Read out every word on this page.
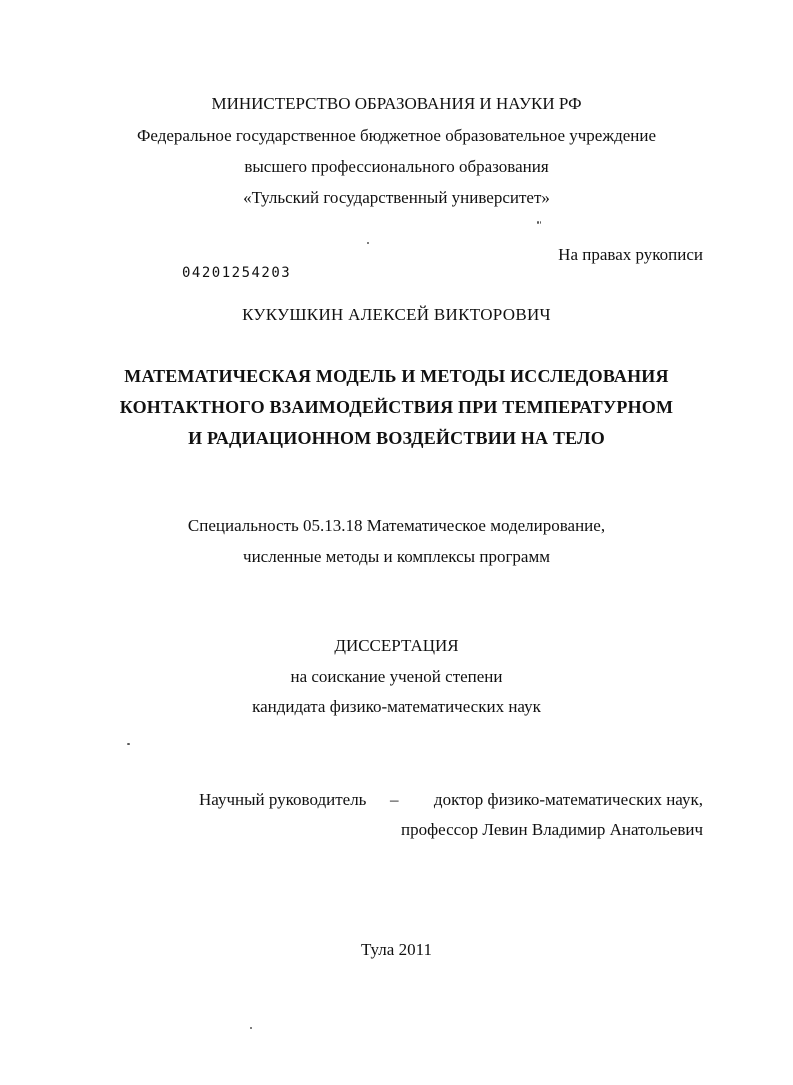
МИНИСТЕРСТВО ОБРАЗОВАНИЯ И НАУКИ РФ
Федеральное государственное бюджетное образовательное учреждение
высшего профессионального образования
«Тульский государственный университет»
На правах рукописи
04201254203
КУКУШКИН АЛЕКСЕЙ ВИКТОРОВИЧ
МАТЕМАТИЧЕСКАЯ МОДЕЛЬ И МЕТОДЫ ИССЛЕДОВАНИЯ
КОНТАКТНОГО ВЗАИМОДЕЙСТВИЯ ПРИ ТЕМПЕРАТУРНОМ
И РАДИАЦИОННОМ ВОЗДЕЙСТВИИ НА ТЕЛО
Специальность 05.13.18 Математическое моделирование,
численные методы и комплексы программ
ДИССЕРТАЦИЯ
на соискание ученой степени
кандидата физико-математических наук
Научный руководитель – доктор физико-математических наук,
профессор Левин Владимир Анатольевич
Тула 2011
